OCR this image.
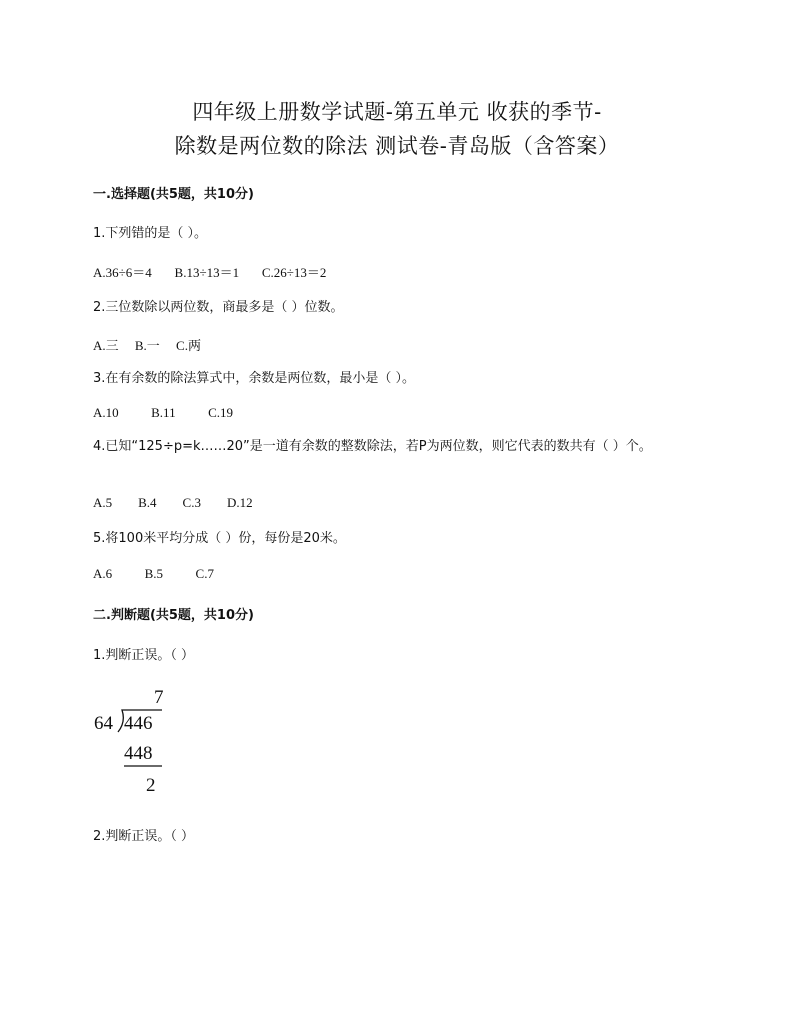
四年级上册数学试题-第五单元 收获的季节-
除数是两位数的除法 测试卷-青岛版（含答案）
一.选择题(共5题，共10分)
1.下列错的是（ ）。
A.36÷6＝4       B.13÷13＝1       C.26÷13＝2
2.三位数除以两位数，商最多是（ ）位数。
A.三     B.一     C.两
3.在有余数的除法算式中，余数是两位数，最小是（ ）。
A.10          B.11          C.19
4.已知“125÷p=k……20”是一道有余数的整数除法，若P为两位数，则它代表的数共有（ ）个。
A.5        B.4        C.3        D.12
5.将100米平均分成（ ）份，每份是20米。
A.6          B.5          C.7
二.判断题(共5题，共10分)
1.判断正误。（ ）
7
64 446
448
2
2.判断正误。（ ）
